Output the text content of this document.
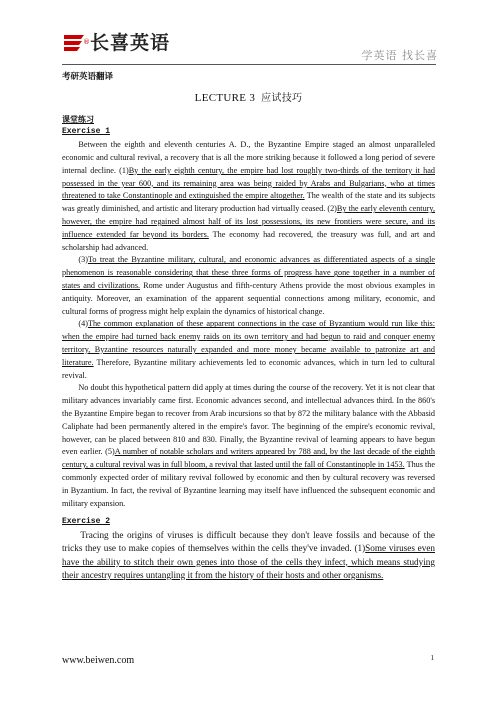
® 长喜英语
学英语 找长喜
考研英语翻译
LECTURE 3 应试技巧
课堂练习
Exercise 1

Between the eighth and eleventh centuries A. D., the Byzantine Empire staged an almost unparalleled economic and cultural revival, a recovery that is all the more striking because it followed a long period of severe internal decline. (1)By the early eighth century, the empire had lost roughly two-thirds of the territory it had possessed in the year 600, and its remaining area was being raided by Arabs and Bulgarians, who at times threatened to take Constantinople and extinguished the empire altogether. The wealth of the state and its subjects was greatly diminished, and artistic and literary production had virtually ceased. (2)By the early eleventh century, however, the empire had regained almost half of its lost possessions, its new frontiers were secure, and its influence extended far beyond its borders. The economy had recovered, the treasury was full, and art and scholarship had advanced.

(3)To treat the Byzantine military, cultural, and economic advances as differentiated aspects of a single phenomenon is reasonable considering that these three forms of progress have gone together in a number of states and civilizations. Rome under Augustus and fifth-century Athens provide the most obvious examples in antiquity. Moreover, an examination of the apparent sequential connections among military, economic, and cultural forms of progress might help explain the dynamics of historical change.

(4)The common explanation of these apparent connections in the case of Byzantium would run like this: when the empire had turned back enemy raids on its own territory and had begun to raid and conquer enemy territory, Byzantine resources naturally expanded and more money became available to patronize art and literature. Therefore, Byzantine military achievements led to economic advances, which in turn led to cultural revival.

No doubt this hypothetical pattern did apply at times during the course of the recovery. Yet it is not clear that military advances invariably came first. Economic advances second, and intellectual advances third. In the 860's the Byzantine Empire began to recover from Arab incursions so that by 872 the military balance with the Abbasid Caliphate had been permanently altered in the empire's favor. The beginning of the empire's economic revival, however, can be placed between 810 and 830. Finally, the Byzantine revival of learning appears to have begun even earlier. (5)A number of notable scholars and writers appeared by 788 and, by the last decade of the eighth century, a cultural revival was in full bloom, a revival that lasted until the fall of Constantinople in 1453. Thus the commonly expected order of military revival followed by economic and then by cultural recovery was reversed in Byzantium. In fact, the revival of Byzantine learning may itself have influenced the subsequent economic and military expansion.

Exercise 2

Tracing the origins of viruses is difficult because they don't leave fossils and because of the tricks they use to make copies of themselves within the cells they've invaded. (1)Some viruses even have the ability to stitch their own genes into those of the cells they infect, which means studying their ancestry requires untangling it from the history of their hosts and other organisms.

www.beiwen.com	1
